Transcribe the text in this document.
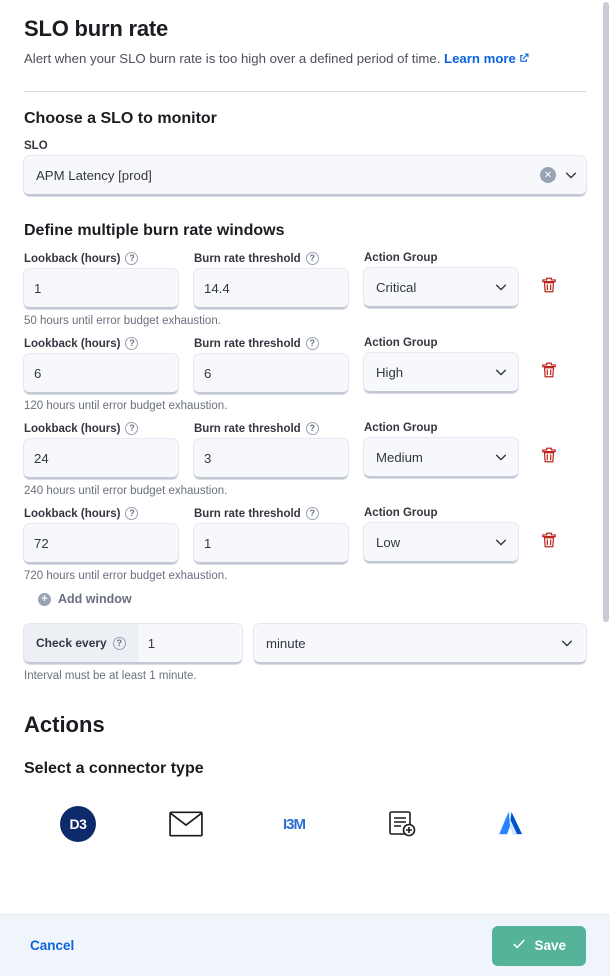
SLO burn rate

Alert when your SLO burn rate is too high over a defined period of time. Learn more

Choose a SLO to monitor
SLO
APM Latency [prod]	✕
Define multiple burn rate windows
Lookback (hours) ?
1
Burn rate threshold ?
14.4
Action Group
Critical
50 hours until error budget exhaustion.
Lookback (hours) ?
6
Burn rate threshold ?
6
Action Group
High
120 hours until error budget exhaustion.
Lookback (hours) ?
24
Burn rate threshold ?
3
Action Group
Medium
240 hours until error budget exhaustion.
Lookback (hours) ?
72
Burn rate threshold ?
1
Action Group
Low
720 hours until error budget exhaustion.
+ Add window
Check every	?	1	minute
Interval must be at least 1 minute.
Actions
Select a connector type
D3	I3M
Cancel	Save
